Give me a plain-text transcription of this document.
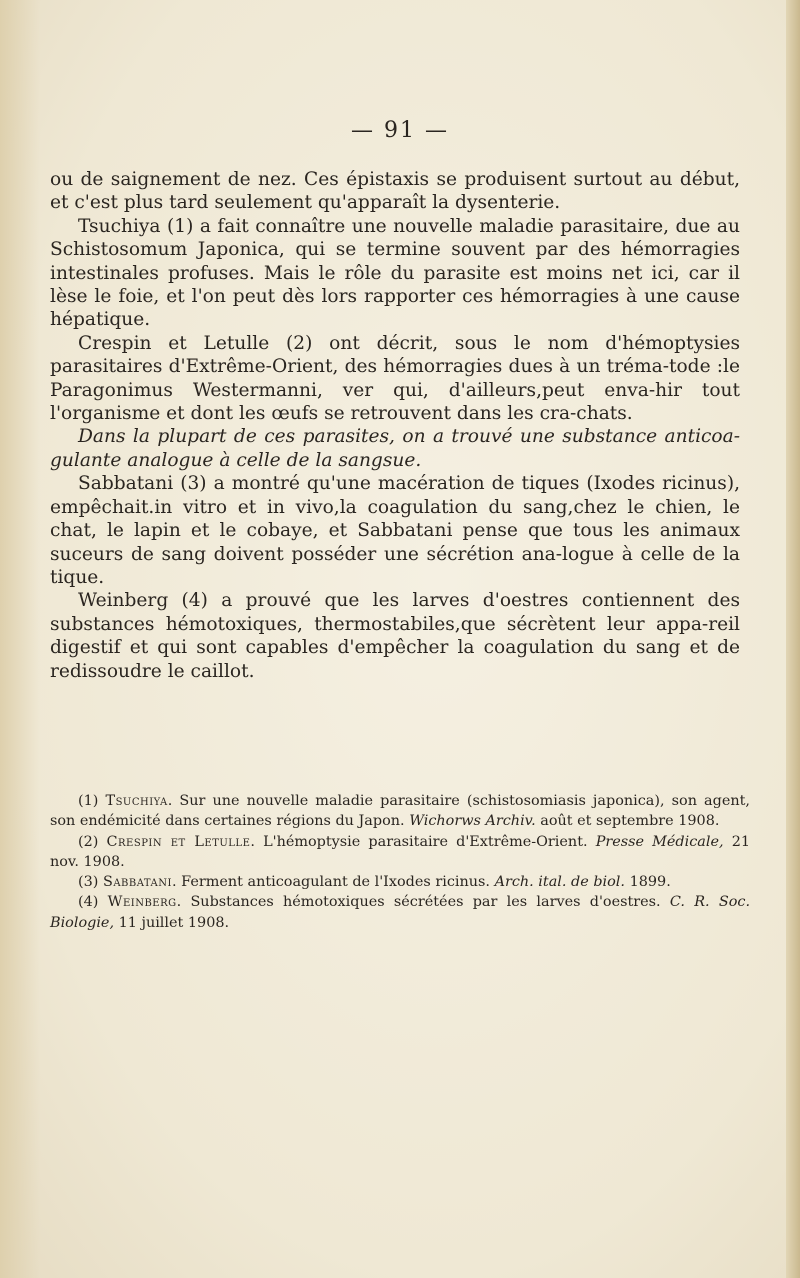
— 91 —

ou de saignement de nez. Ces épistaxis se produisent surtout au début, et c'est plus tard seulement qu'apparaît la dysenterie.

Tsuchiya (1) a fait connaître une nouvelle maladie parasitaire, due au Schistosomum Japonica, qui se termine souvent par des hémorragies intestinales profuses. Mais le rôle du parasite est moins net ici, car il lèse le foie, et l'on peut dès lors rapporter ces hémorragies à une cause hépatique.

Crespin et Letulle (2) ont décrit, sous le nom d'hémoptysies parasitaires d'Extrême-Orient, des hémorragies dues à un tréma-tode :le Paragonimus Westermanni, ver qui, d'ailleurs,peut enva-hir tout l'organisme et dont les œufs se retrouvent dans les cra-chats.

Dans la plupart de ces parasites, on a trouvé une substance anticoa-gulante analogue à celle de la sangsue.

Sabbatani (3) a montré qu'une macération de tiques (Ixodes ricinus), empêchait.in vitro et in vivo,la coagulation du sang,chez le chien, le chat, le lapin et le cobaye, et Sabbatani pense que tous les animaux suceurs de sang doivent posséder une sécrétion ana-logue à celle de la tique.

Weinberg (4) a prouvé que les larves d'oestres contiennent des substances hémotoxiques, thermostabiles,que sécrètent leur appa-reil digestif et qui sont capables d'empêcher la coagulation du sang et de redissoudre le caillot.

(1) Tsuchiya. Sur une nouvelle maladie parasitaire (schistosomiasis japonica), son agent, son endémicité dans certaines régions du Japon. Wichorws Archiv. août et septembre 1908.

(2) Crespin et Letulle. L'hémoptysie parasitaire d'Extrême-Orient. Presse Médicale, 21 nov. 1908.

(3) Sabbatani. Ferment anticoagulant de l'Ixodes ricinus. Arch. ital. de biol. 1899.

(4) Weinberg. Substances hémotoxiques sécrétées par les larves d'oestres. C. R. Soc. Biologie, 11 juillet 1908.
